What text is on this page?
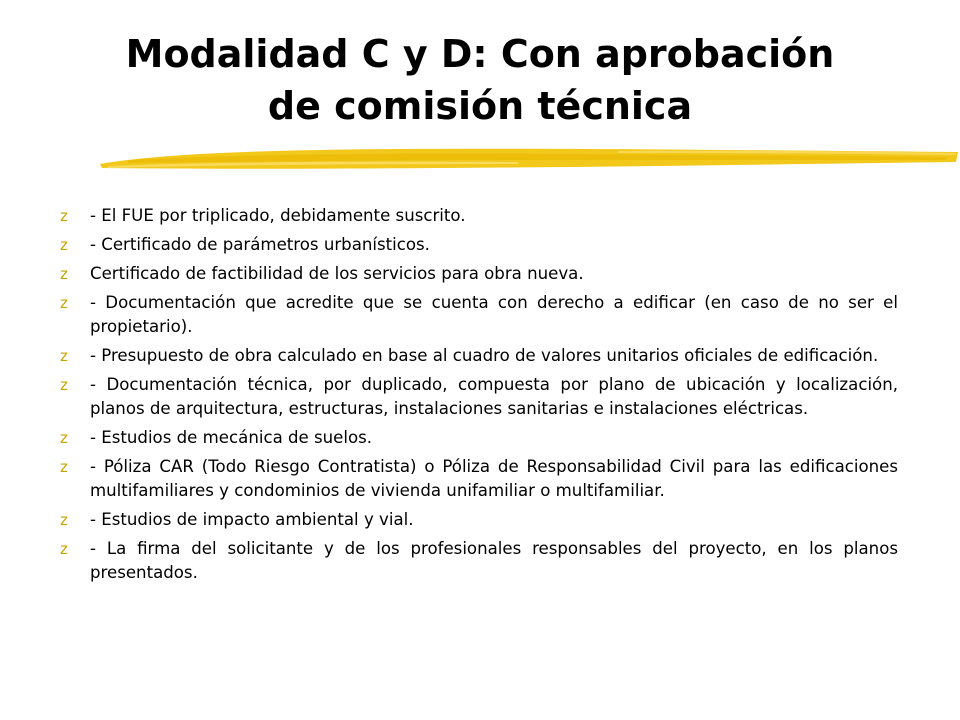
Modalidad C y D: Con aprobación
de comisión técnica
z	- El FUE por triplicado, debidamente suscrito.
z	- Certificado de parámetros urbanísticos.
z	Certificado de factibilidad de los servicios para obra nueva.
z	- Documentación que acredite que se cuenta con derecho a edificar (en caso de no ser el propietario).
z	- Presupuesto de obra calculado en base al cuadro de valores unitarios oficiales de edificación.
z	- Documentación técnica, por duplicado, compuesta por plano de ubicación y localización, planos de arquitectura, estructuras, instalaciones sanitarias e instalaciones eléctricas.
z	- Estudios de mecánica de suelos.
z	- Póliza CAR (Todo Riesgo Contratista) o Póliza de Responsabilidad Civil para las edificaciones multifamiliares y condominios de vivienda unifamiliar o multifamiliar.
z	- Estudios de impacto ambiental y vial.
z	- La firma del solicitante y de los profesionales responsables del proyecto, en los planos presentados.
